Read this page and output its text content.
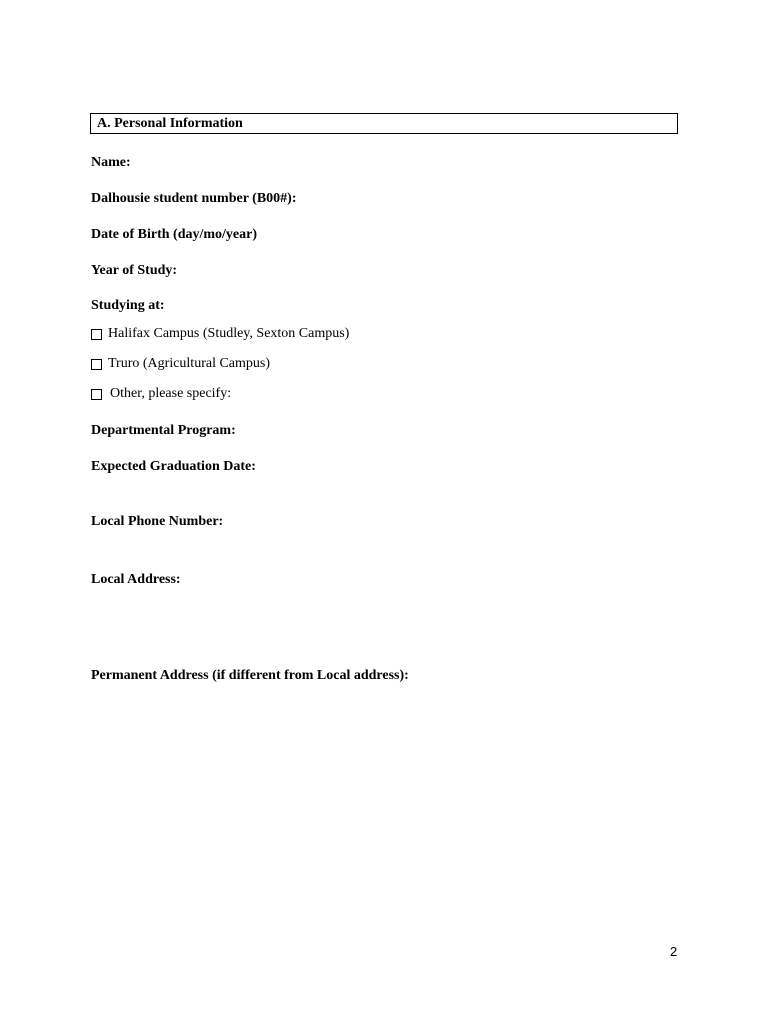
A. Personal Information
Name:
Dalhousie student number (B00#):
Date of Birth (day/mo/year)
Year of Study:
Studying at:
Halifax Campus (Studley, Sexton Campus)
Truro (Agricultural Campus)
Other, please specify:
Departmental Program:
Expected Graduation Date:
Local Phone Number:
Local Address:
Permanent Address (if different from Local address):
2
